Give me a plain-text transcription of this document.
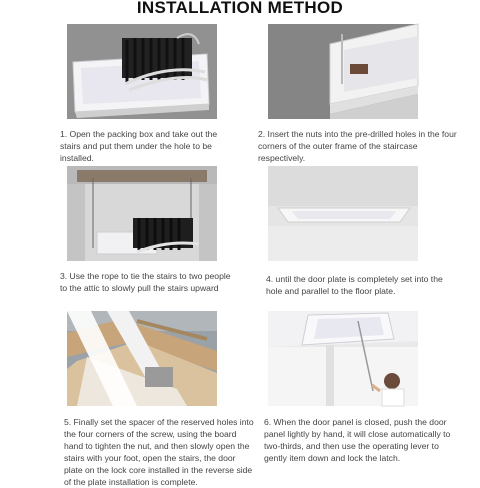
INSTALLATION METHOD
1. Open the packing box and take out the stairs and put them under the hole to be installed.
2. Insert the nuts into the pre-drilled holes in the four corners of the outer frame of the staircase respectively.
3. Use the rope to tie the stairs to two people to the attic to slowly pull the stairs upward
4. until the door plate is completely set into the hole and parallel to the floor plate.
5. Finally set the spacer of the reserved holes into the four corners of the screw, using the board hand to tighten the nut, and then slowly open the stairs with your foot, open the stairs, the door plate on the lock core installed in the reverse side of the plate installation is complete.
6. When the door panel is closed, push the door panel lightly by hand, it will close automatically to two-thirds, and then use the operating lever to gently item down and lock the latch.
